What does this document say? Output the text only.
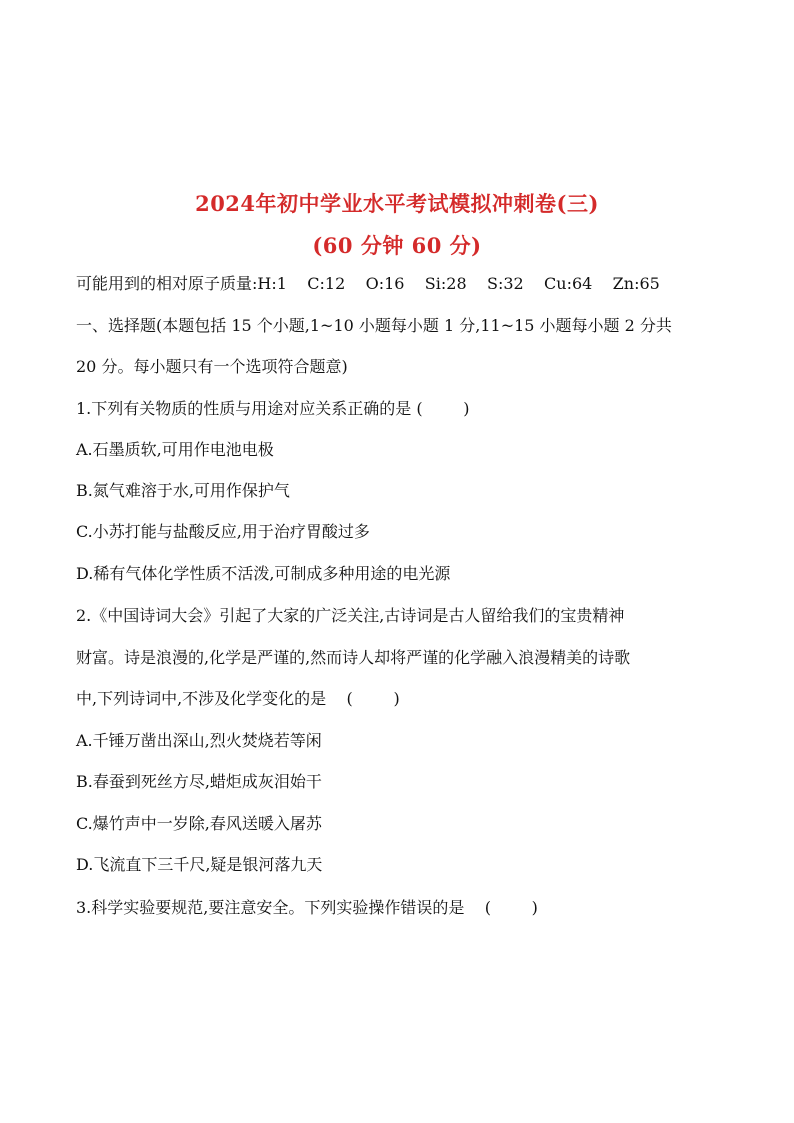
2024年初中学业水平考试模拟冲刺卷(三)
(60 分钟 60 分)
可能用到的相对原子质量:H:1    C:12    O:16    Si:28    S:32    Cu:64    Zn:65
一、选择题(本题包括 15 个小题,1~10 小题每小题 1 分,11~15 小题每小题 2 分共
20 分。每小题只有一个选项符合题意)
1.下列有关物质的性质与用途对应关系正确的是 (        )
A.石墨质软,可用作电池电极
B.氮气难溶于水,可用作保护气
C.小苏打能与盐酸反应,用于治疗胃酸过多
D.稀有气体化学性质不活泼,可制成多种用途的电光源
2.《中国诗词大会》引起了大家的广泛关注,古诗词是古人留给我们的宝贵精神
财富。诗是浪漫的,化学是严谨的,然而诗人却将严谨的化学融入浪漫精美的诗歌
中,下列诗词中,不涉及化学变化的是    (        )
A.千锤万凿出深山,烈火焚烧若等闲
B.春蚕到死丝方尽,蜡炬成灰泪始干
C.爆竹声中一岁除,春风送暖入屠苏
D.飞流直下三千尺,疑是银河落九天
3.科学实验要规范,要注意安全。下列实验操作错误的是    (        )
